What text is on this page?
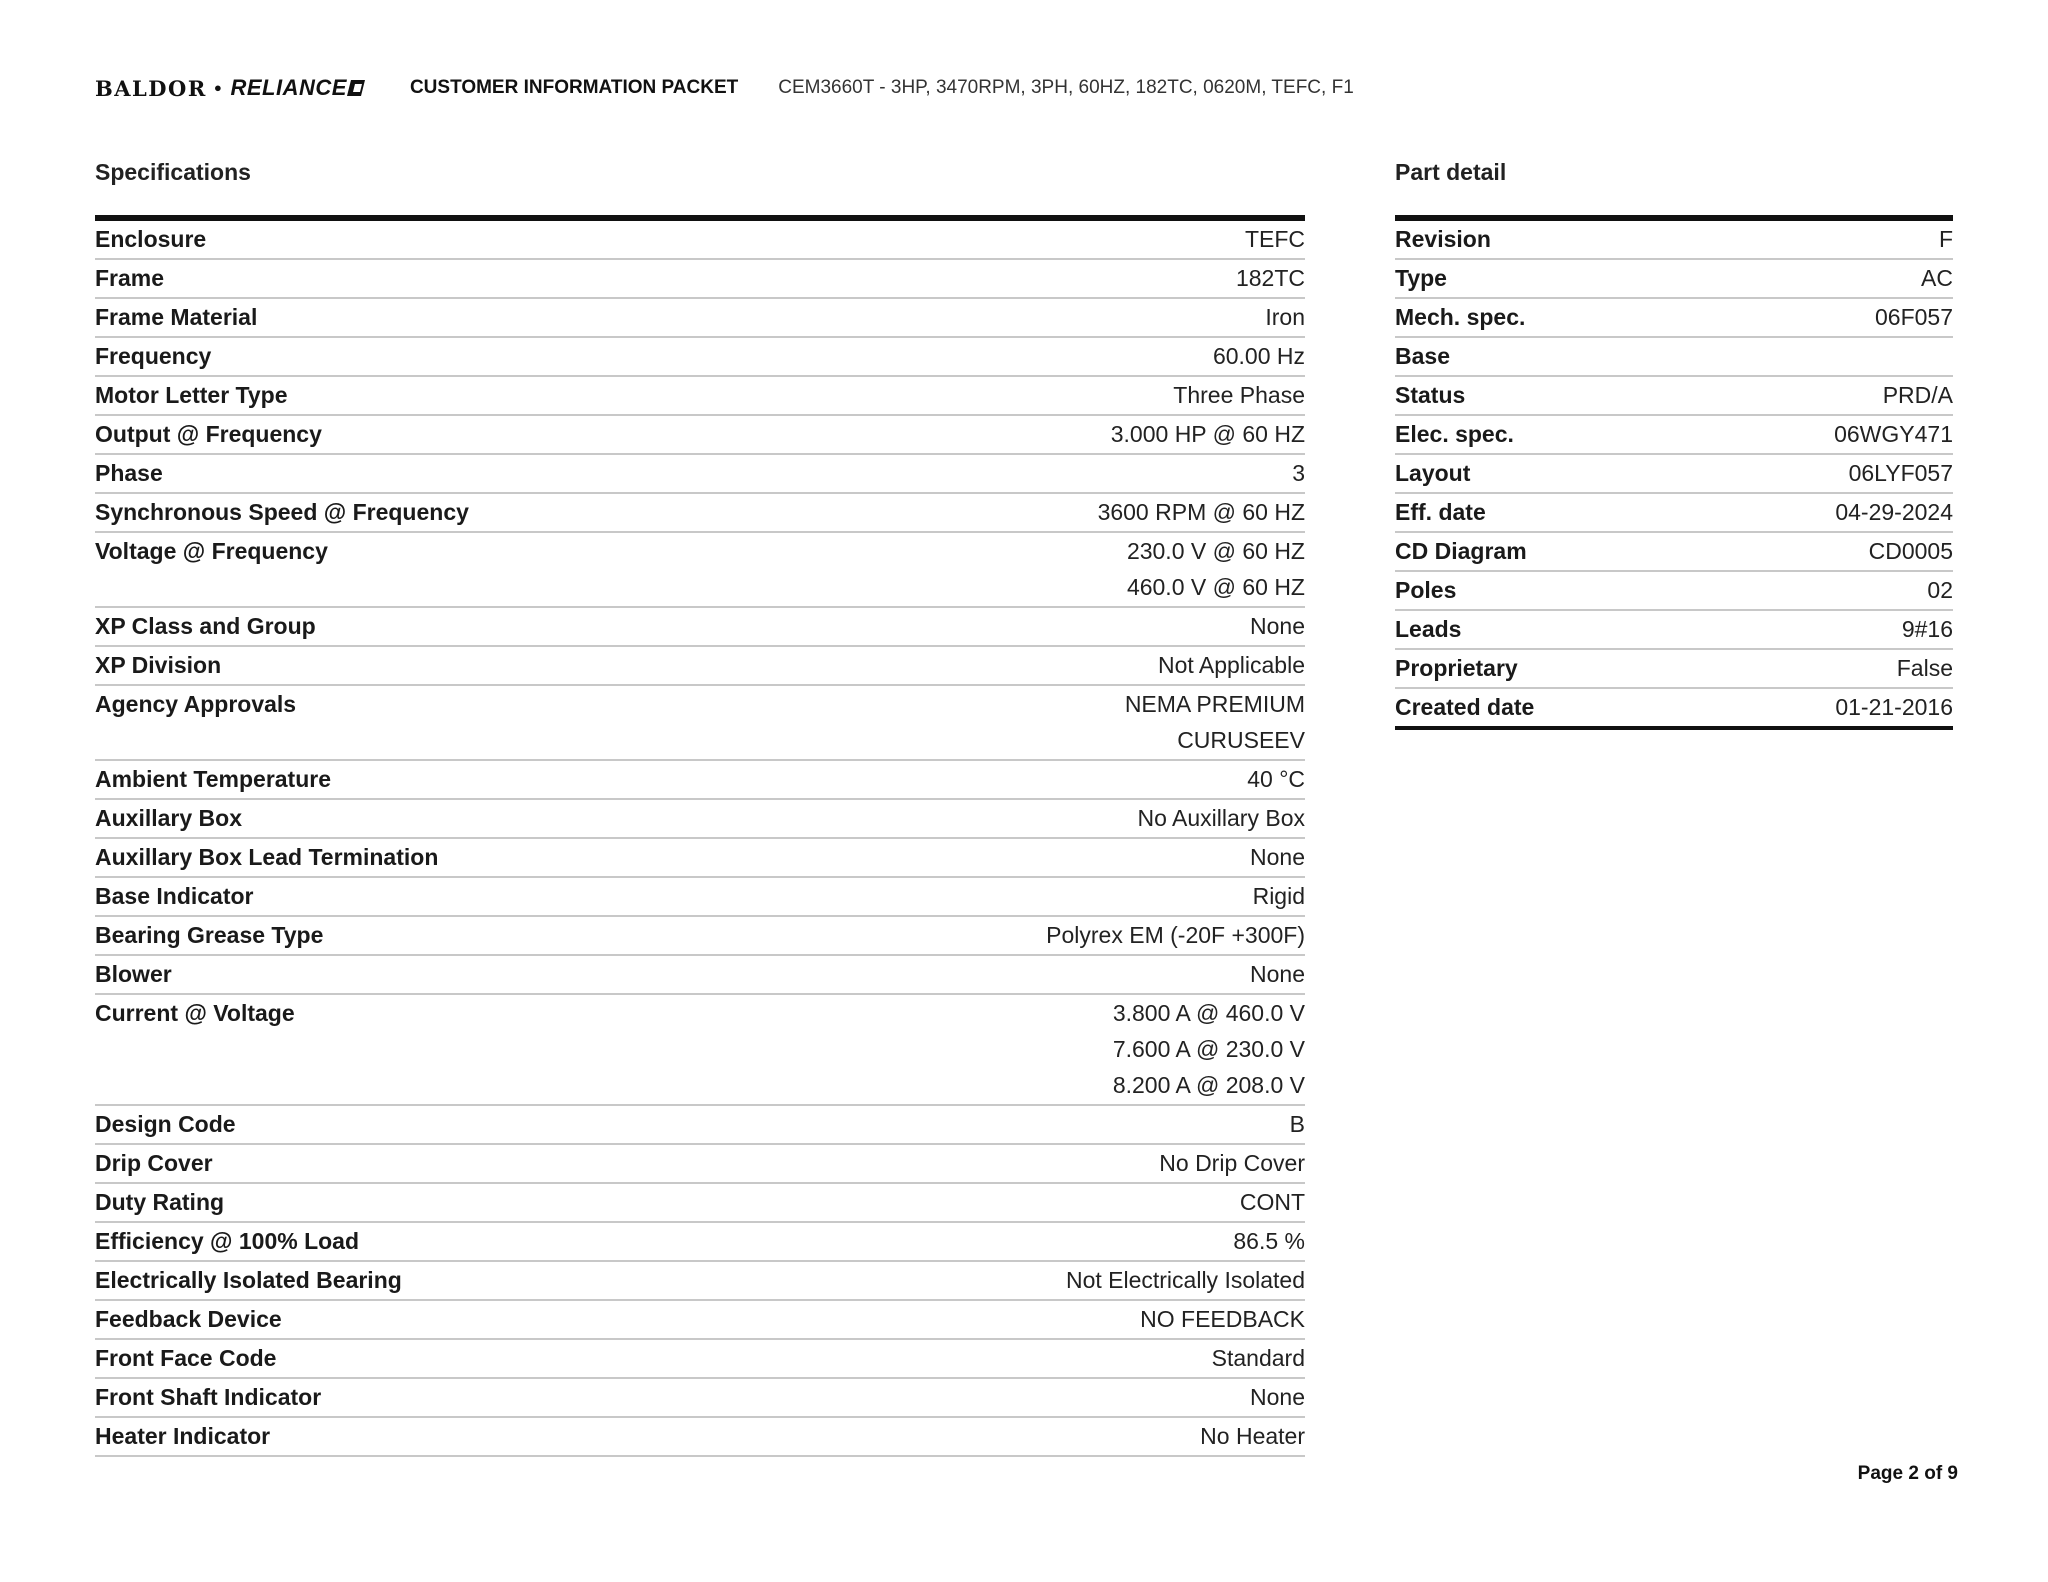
BALDOR • RELIANCE	CUSTOMER INFORMATION PACKET CEM3660T - 3HP, 3470RPM, 3PH, 60HZ, 182TC, 0620M, TEFC, F1
Specifications
Enclosure	TEFC
Frame	182TC
Frame Material	Iron
Frequency	60.00 Hz
Motor Letter Type	Three Phase
Output @ Frequency	3.000 HP @ 60 HZ
Phase	3
Synchronous Speed @ Frequency	3600 RPM @ 60 HZ
Voltage @ Frequency	230.0 V @ 60 HZ
460.0 V @ 60 HZ
XP Class and Group	None
XP Division	Not Applicable
Agency Approvals	NEMA PREMIUM
CURUSEEV
Ambient Temperature	40 °C
Auxillary Box	No Auxillary Box
Auxillary Box Lead Termination	None
Base Indicator	Rigid
Bearing Grease Type	Polyrex EM (-20F +300F)
Blower	None
Current @ Voltage	3.800 A @ 460.0 V
7.600 A @ 230.0 V
8.200 A @ 208.0 V
Design Code	B
Drip Cover	No Drip Cover
Duty Rating	CONT
Efficiency @ 100% Load	86.5 %
Electrically Isolated Bearing	Not Electrically Isolated
Feedback Device	NO FEEDBACK
Front Face Code	Standard
Front Shaft Indicator	None
Heater Indicator	No Heater
Part detail
Revision	F
Type	AC
Mech. spec.	06F057
Base

Status	PRD/A
Elec. spec.	06WGY471
Layout	06LYF057
Eff. date	04-29-2024
CD Diagram	CD0005
Poles	02
Leads	9#16
Proprietary	False
Created date	01-21-2016
Page 2 of 9
